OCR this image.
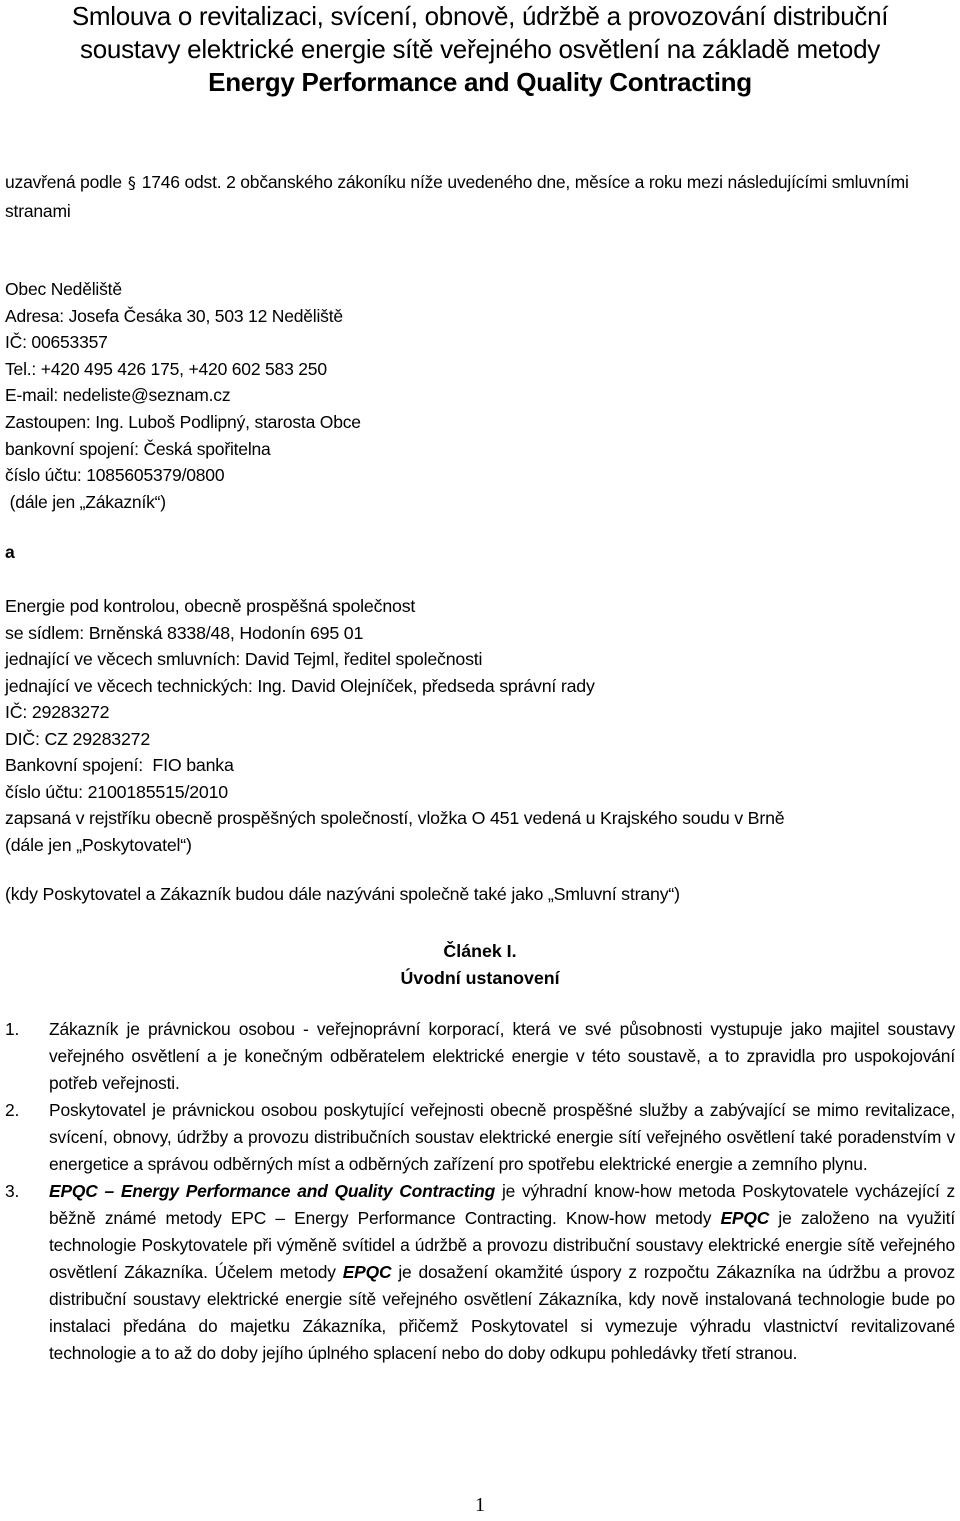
Smlouva o revitalizaci, svícení, obnově, údržbě a provozování distribuční
soustavy elektrické energie sítě veřejného osvětlení na základě metody
Energy Performance and Quality Contracting
uzavřená podle § 1746 odst. 2 občanského zákoníku níže uvedeného dne, měsíce a roku mezi následujícími smluvními stranami
Obec Neděliště
Adresa: Josefa Česáka 30, 503 12 Neděliště
IČ: 00653357
Tel.: +420 495 426 175, +420 602 583 250
E-mail: nedeliste@seznam.cz
Zastoupen: Ing. Luboš Podlipný, starosta Obce
bankovní spojení: Česká spořitelna
číslo účtu: 1085605379/0800
(dále jen „Zákazník“)
a
Energie pod kontrolou, obecně prospěšná společnost
se sídlem: Brněnská 8338/48, Hodonín 695 01
jednající ve věcech smluvních: David Tejml, ředitel společnosti
jednající ve věcech technických: Ing. David Olejníček, předseda správní rady
IČ: 29283272
DIČ: CZ 29283272
Bankovní spojení:  FIO banka
číslo účtu: 2100185515/2010
zapsaná v rejstříku obecně prospěšných společností, vložka O 451 vedená u Krajského soudu v Brně
(dále jen „Poskytovatel“)
(kdy Poskytovatel a Zákazník budou dále nazýváni společně také jako „Smluvní strany“)
Článek I.
Úvodní ustanovení
1. Zákazník je právnickou osobou - veřejnoprávní korporací, která ve své působnosti vystupuje jako majitel soustavy veřejného osvětlení a je konečným odběratelem elektrické energie v této soustavě, a to zpravidla pro uspokojování potřeb veřejnosti.
2. Poskytovatel je právnickou osobou poskytující veřejnosti obecně prospěšné služby a zabývající se mimo revitalizace, svícení, obnovy, údržby a provozu distribučních soustav elektrické energie sítí veřejného osvětlení také poradenstvím v energetice a správou odběrných míst a odběrných zařízení pro spotřebu elektrické energie a zemního plynu.
3. EPQC – Energy Performance and Quality Contracting je výhradní know-how metoda Poskytovatele vycházející z běžně známé metody EPC – Energy Performance Contracting. Know-how metody EPQC je založeno na využití technologie Poskytovatele při výměně svítidel a údržbě a provozu distribuční soustavy elektrické energie sítě veřejného osvětlení Zákazníka. Účelem metody EPQC je dosažení okamžité úspory z rozpočtu Zákazníka na údržbu a provoz distribuční soustavy elektrické energie sítě veřejného osvětlení Zákazníka, kdy nově instalovaná technologie bude po instalaci předána do majetku Zákazníka, přičemž Poskytovatel si vymezuje výhradu vlastnictví revitalizované technologie a to až do doby jejího úplného splacení nebo do doby odkupu pohledávky třetí stranou.
1
